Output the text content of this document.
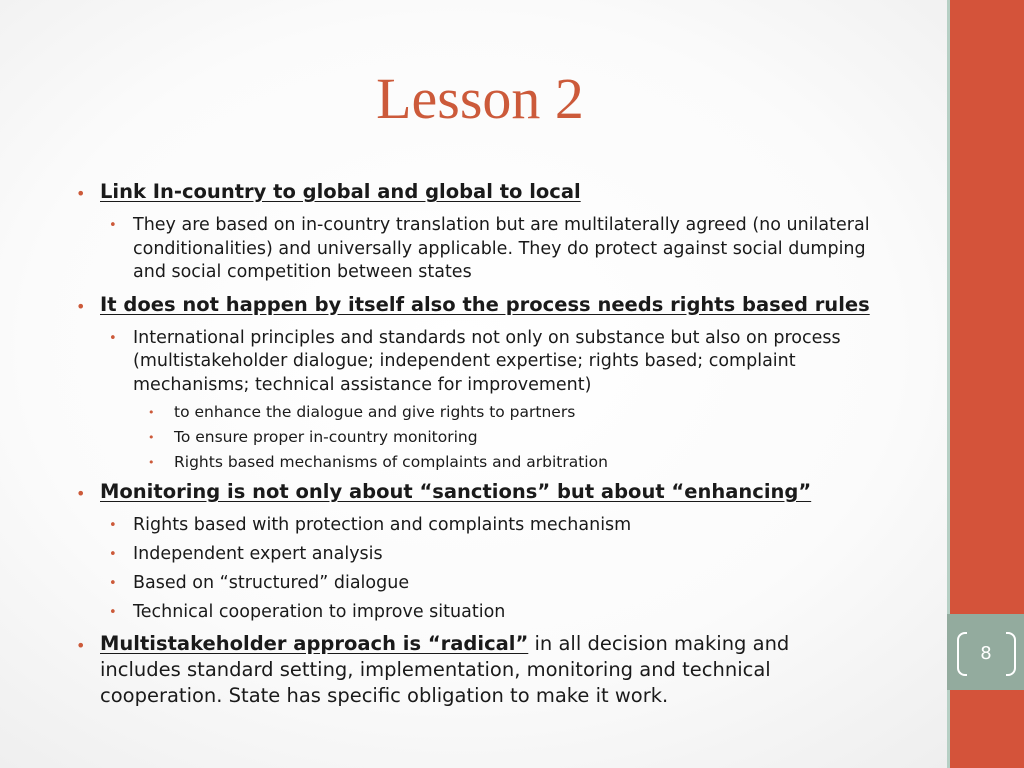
8
Lesson 2
• Link In-country to global and global to local
• They are based on in-country translation but are multilaterally agreed (no unilateral conditionalities) and universally applicable. They do protect against social dumping and social competition between states
• It does not happen by itself also the process needs rights based rules
• International principles and standards not only on substance but also on process (multistakeholder dialogue; independent expertise; rights based; complaint mechanisms; technical assistance for improvement)
•	to enhance the dialogue and give rights to partners
•	To ensure proper in-country monitoring
•	Rights based mechanisms of complaints and arbitration
• Monitoring is not only about “sanctions” but about “enhancing”
• Rights based with protection and complaints mechanism
• Independent expert analysis
• Based on “structured” dialogue
• Technical cooperation to improve situation
• Multistakeholder approach is “radical” in all decision making and includes standard setting, implementation, monitoring and technical cooperation. State has specific obligation to make it work.
